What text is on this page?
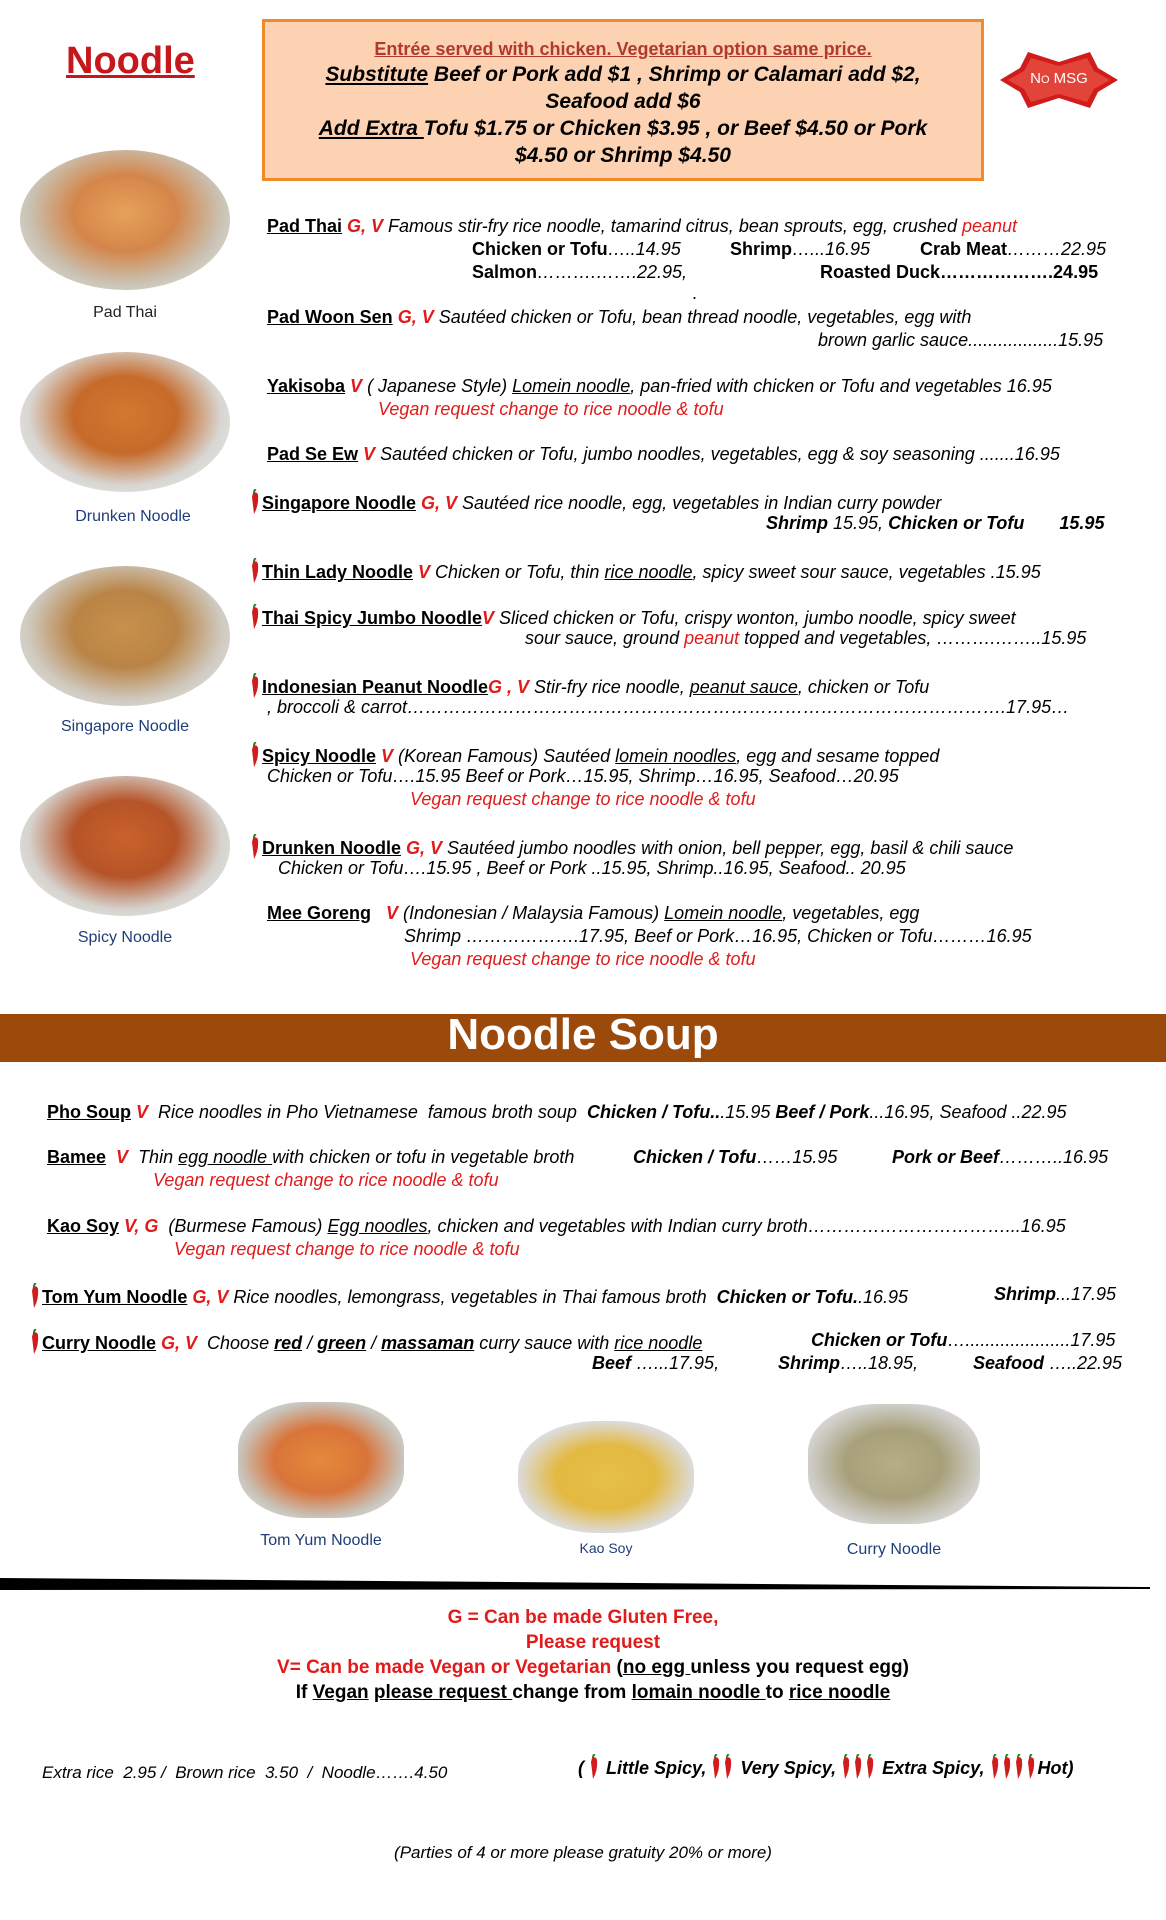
Noodle	Entrée served with chicken. Vegetarian option same price.
Substitute Beef or Pork add $1 , Shrimp or Calamari add $2,
Seafood add $6
Add Extra Tofu $1.75 or Chicken $3.95 , or Beef $4.50 or Pork
$4.50 or Shrimp $4.50
No MSG
Pad Thai
Drunken Noodle
Singapore Noodle
Spicy Noodle
Pad Thai G, V Famous stir-fry rice noodle, tamarind citrus, bean sprouts, egg, crushed peanut
Chicken or Tofu…..14.95	Shrimp…...16.95	Crab Meat………22.95
Salmon……….…….22.95,	Roasted Duck……………….24.95
.
Pad Woon Sen G, V Sautéed chicken or Tofu, bean thread noodle, vegetables, egg with
brown garlic sauce..................15.95
Yakisoba V ( Japanese Style) Lomein noodle, pan-fried with chicken or Tofu and vegetables 16.95
Vegan request change to rice noodle & tofu
Pad Se Ew V Sautéed chicken or Tofu, jumbo noodles, vegetables, egg & soy seasoning .......16.95
Singapore Noodle G, V Sautéed rice noodle, egg, vegetables in Indian curry powder
Shrimp 15.95, Chicken or Tofu       15.95
Thin Lady Noodle V Chicken or Tofu, thin rice noodle, spicy sweet sour sauce, vegetables .15.95
Thai Spicy Jumbo NoodleV Sliced chicken or Tofu, crispy wonton, jumbo noodle, spicy sweet
sour sauce, ground peanut topped and vegetables, ……….……..15.95
Indonesian Peanut NoodleG , V Stir-fry rice noodle, peanut sauce, chicken or Tofu
, broccoli & carrot……………………………………………………………………………………….17.95…
Spicy Noodle V (Korean Famous) Sautéed lomein noodles, egg and sesame topped
Chicken or Tofu….15.95 Beef or Pork…15.95, Shrimp…16.95, Seafood…20.95
Vegan request change to rice noodle & tofu
Drunken Noodle G, V Sautéed jumbo noodles with onion, bell pepper, egg, basil & chili sauce
Chicken or Tofu….15.95 , Beef or Pork ..15.95, Shrimp..16.95, Seafood.. 20.95
Mee Goreng   V (Indonesian / Malaysia Famous) Lomein noodle, vegetables, egg
Shrimp ……………….17.95, Beef or Pork…16.95, Chicken or Tofu………16.95
Vegan request change to rice noodle & tofu
Noodle Soup
Pho Soup V  Rice noodles in Pho Vietnamese  famous broth soup  Chicken / Tofu...15.95 Beef / Pork...16.95, Seafood ..22.95
Bamee  V  Thin egg noodle with chicken or tofu in vegetable broth	Chicken / Tofu……15.95	Pork or Beef………..16.95
Vegan request change to rice noodle & tofu
Kao Soy V, G  (Burmese Famous) Egg noodles, chicken and vegetables with Indian curry broth……………………………...16.95
Vegan request change to rice noodle & tofu
Tom Yum Noodle G, V Rice noodles, lemongrass, vegetables in Thai famous broth  Chicken or Tofu..16.95	Shrimp...17.95
Curry Noodle G, V  Choose red / green / massaman curry sauce with rice noodle	Chicken or Tofu….....................17.95
Beef …...17.95,	Shrimp…..18.95,	Seafood …..22.95
Tom Yum Noodle	Kao Soy	Curry Noodle
G = Can be made Gluten Free,
Please request
V= Can be made Vegan or Vegetarian (no egg unless you request egg)
If Vegan please request change from lomain noodle to rice noodle
Extra rice  2.95 /  Brown rice  3.50  /  Noodle…….4.50	(
Little Spicy,
Very Spicy,
Extra Spicy,	Hot)
(Parties of 4 or more please gratuity 20% or more)
